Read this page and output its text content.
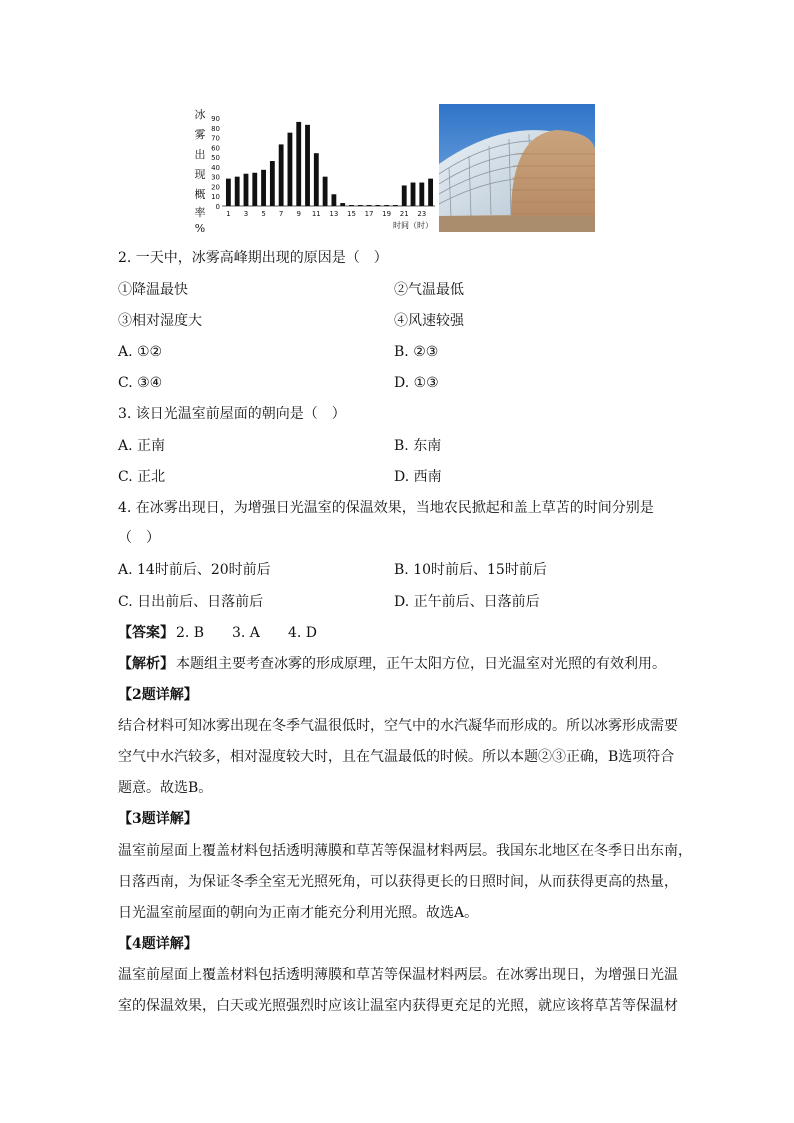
冰
雾
出
现
概
率
%
90
80
70
60
50
40
30
20
10
0
1 3 5 7 9 11 13 15 17 19 21 23
时间（时）
2. 一天中，冰雾高峰期出现的原因是（　）
①降温最快	②气温最低
③相对湿度大	④风速较强
A. ①②	B. ②③
C. ③④	D. ①③
3. 该日光温室前屋面的朝向是（　）
A. 正南	B. 东南
C. 正北	D. 西南
4. 在冰雾出现日，为增强日光温室的保温效果，当地农民掀起和盖上草苫的时间分别是
（　）
A. 14时前后、20时前后	B. 10时前后、15时前后
C. 日出前后、日落前后	D. 正午前后、日落前后
【答案】 2. B 3. A 4. D
【解析】 本题组主要考查冰雾的形成原理，正午太阳方位，日光温室对光照的有效利用。
【2题详解】
结合材料可知冰雾出现在冬季气温很低时，空气中的水汽凝华而形成的。所以冰雾形成需要
空气中水汽较多，相对湿度较大时，且在气温最低的时候。所以本题②③正确，B选项符合
题意。故选B。
【3题详解】
温室前屋面上覆盖材料包括透明薄膜和草苫等保温材料两层。我国东北地区在冬季日出东南，
日落西南，为保证冬季全室无光照死角，可以获得更长的日照时间，从而获得更高的热量，
日光温室前屋面的朝向为正南才能充分利用光照。故选A。
【4题详解】
温室前屋面上覆盖材料包括透明薄膜和草苫等保温材料两层。在冰雾出现日，为增强日光温
室的保温效果，白天或光照强烈时应该让温室内获得更充足的光照，就应该将草苫等保温材
